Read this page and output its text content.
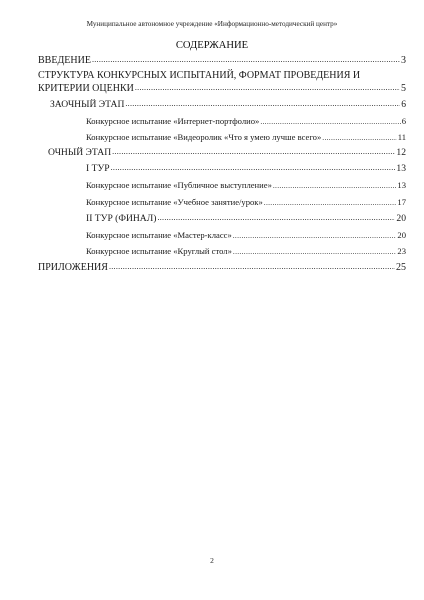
Муниципальное автономное учреждение «Информационно-методический центр»
СОДЕРЖАНИЕ
ВВЕДЕНИЕ .....	3
СТРУКТУРА КОНКУРСНЫХ ИСПЫТАНИЙ, ФОРМАТ ПРОВЕДЕНИЯ И
КРИТЕРИИ ОЦЕНКИ .....	5
ЗАОЧНЫЙ ЭТАП .....	6
Конкурсное испытание «Интернет-портфолио» .....	6
Конкурсное испытание «Видеоролик «Что я умею лучше всего» .....	11
ОЧНЫЙ ЭТАП .....	12
I ТУР .....	13
Конкурсное испытание «Публичное выступление» .....	13
Конкурсное испытание «Учебное занятие/урок» .....	17
II ТУР (ФИНАЛ) .....	20
Конкурсное испытание «Мастер-класс» .....	20
Конкурсное испытание «Круглый стол» .....	23
ПРИЛОЖЕНИЯ .....	25
2
